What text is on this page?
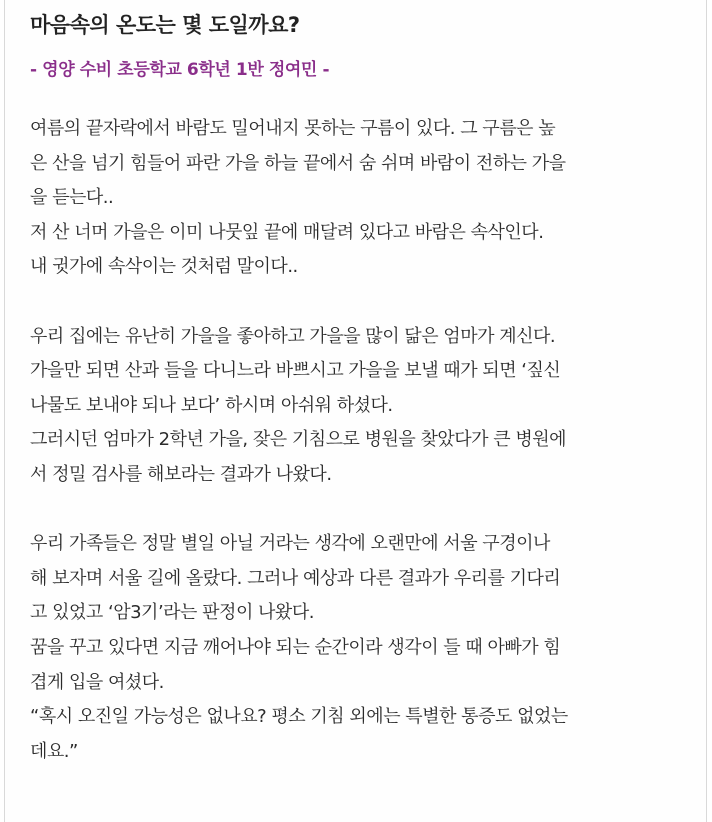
마음속의 온도는 몇 도일까요?

- 영양 수비 초등학교 6학년 1반 정여민 -

여름의 끝자락에서 바람도 밀어내지 못하는 구름이 있다. 그 구름은 높
은 산을 넘기 힘들어 파란 가을 하늘 끝에서 숨 쉬며 바람이 전하는 가을
을 듣는다..
저 산 너머 가을은 이미 나뭇잎 끝에 매달려 있다고 바람은 속삭인다.
내 귓가에 속삭이는 것처럼 말이다..
우리 집에는 유난히 가을을 좋아하고 가을을 많이 닮은 엄마가 계신다.
가을만 되면 산과 들을 다니느라 바쁘시고 가을을 보낼 때가 되면 ‘짚신
나물도 보내야 되나 보다’ 하시며 아쉬워 하셨다.
그러시던 엄마가 2학년 가을, 잦은 기침으로 병원을 찾았다가 큰 병원에
서 정밀 검사를 해보라는 결과가 나왔다.
우리 가족들은 정말 별일 아닐 거라는 생각에 오랜만에 서울 구경이나
해 보자며 서울 길에 올랐다. 그러나 예상과 다른 결과가 우리를 기다리
고 있었고 ‘암3기’라는 판정이 나왔다.
꿈을 꾸고 있다면 지금 깨어나야 되는 순간이라 생각이 들 때 아빠가 힘
겹게 입을 여셨다.
“혹시 오진일 가능성은 없나요? 평소 기침 외에는 특별한 통증도 없었는
데요.”
